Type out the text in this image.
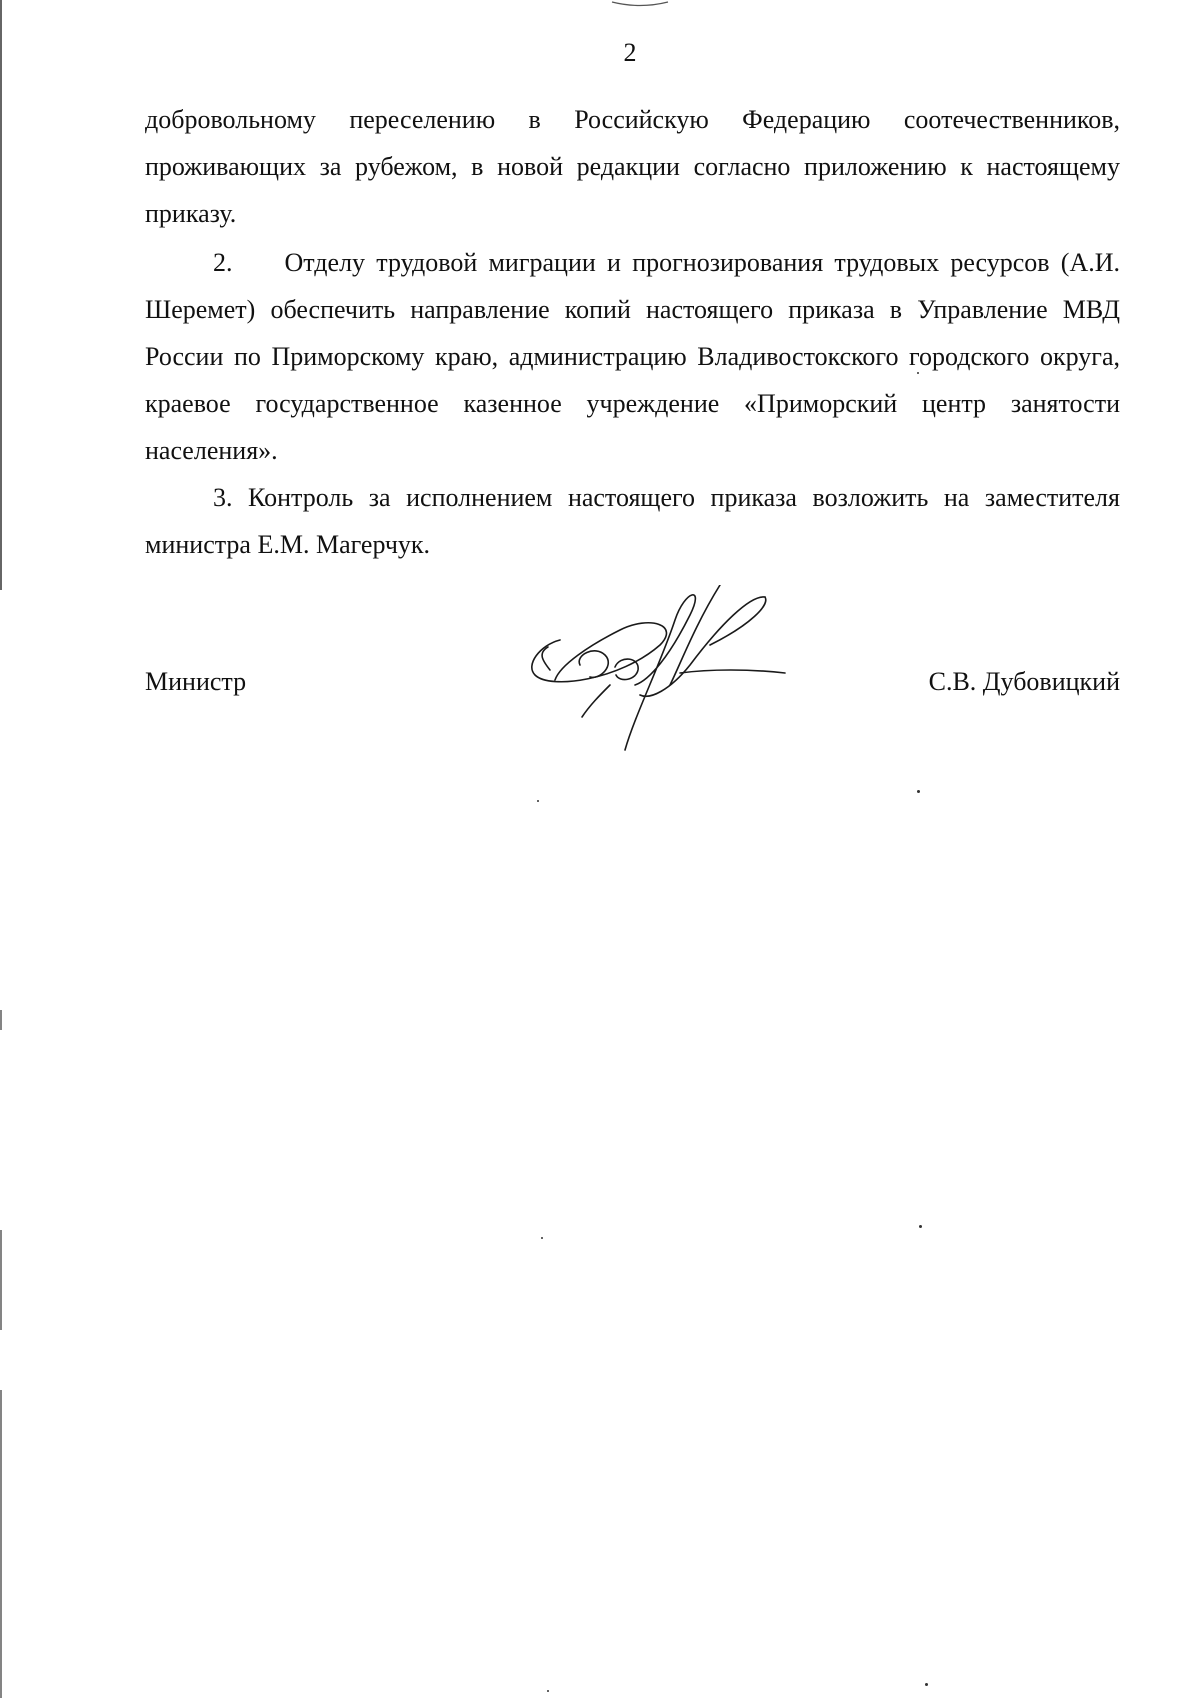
2
добровольному переселению в Российскую Федерацию соотечественников, проживающих за рубежом, в новой редакции согласно приложению к настоящему приказу.
2.  Отделу трудовой миграции и прогнозирования трудовых ресурсов (А.И. Шеремет) обеспечить направление копий настоящего приказа в Управление МВД России по Приморскому краю, администрацию Владивостокского городского округа, краевое государственное казенное учреждение «Приморский центр занятости населения».
3. Контроль за исполнением настоящего приказа возложить на заместителя министра Е.М. Магерчук.
Министр	С.В. Дубовицкий
